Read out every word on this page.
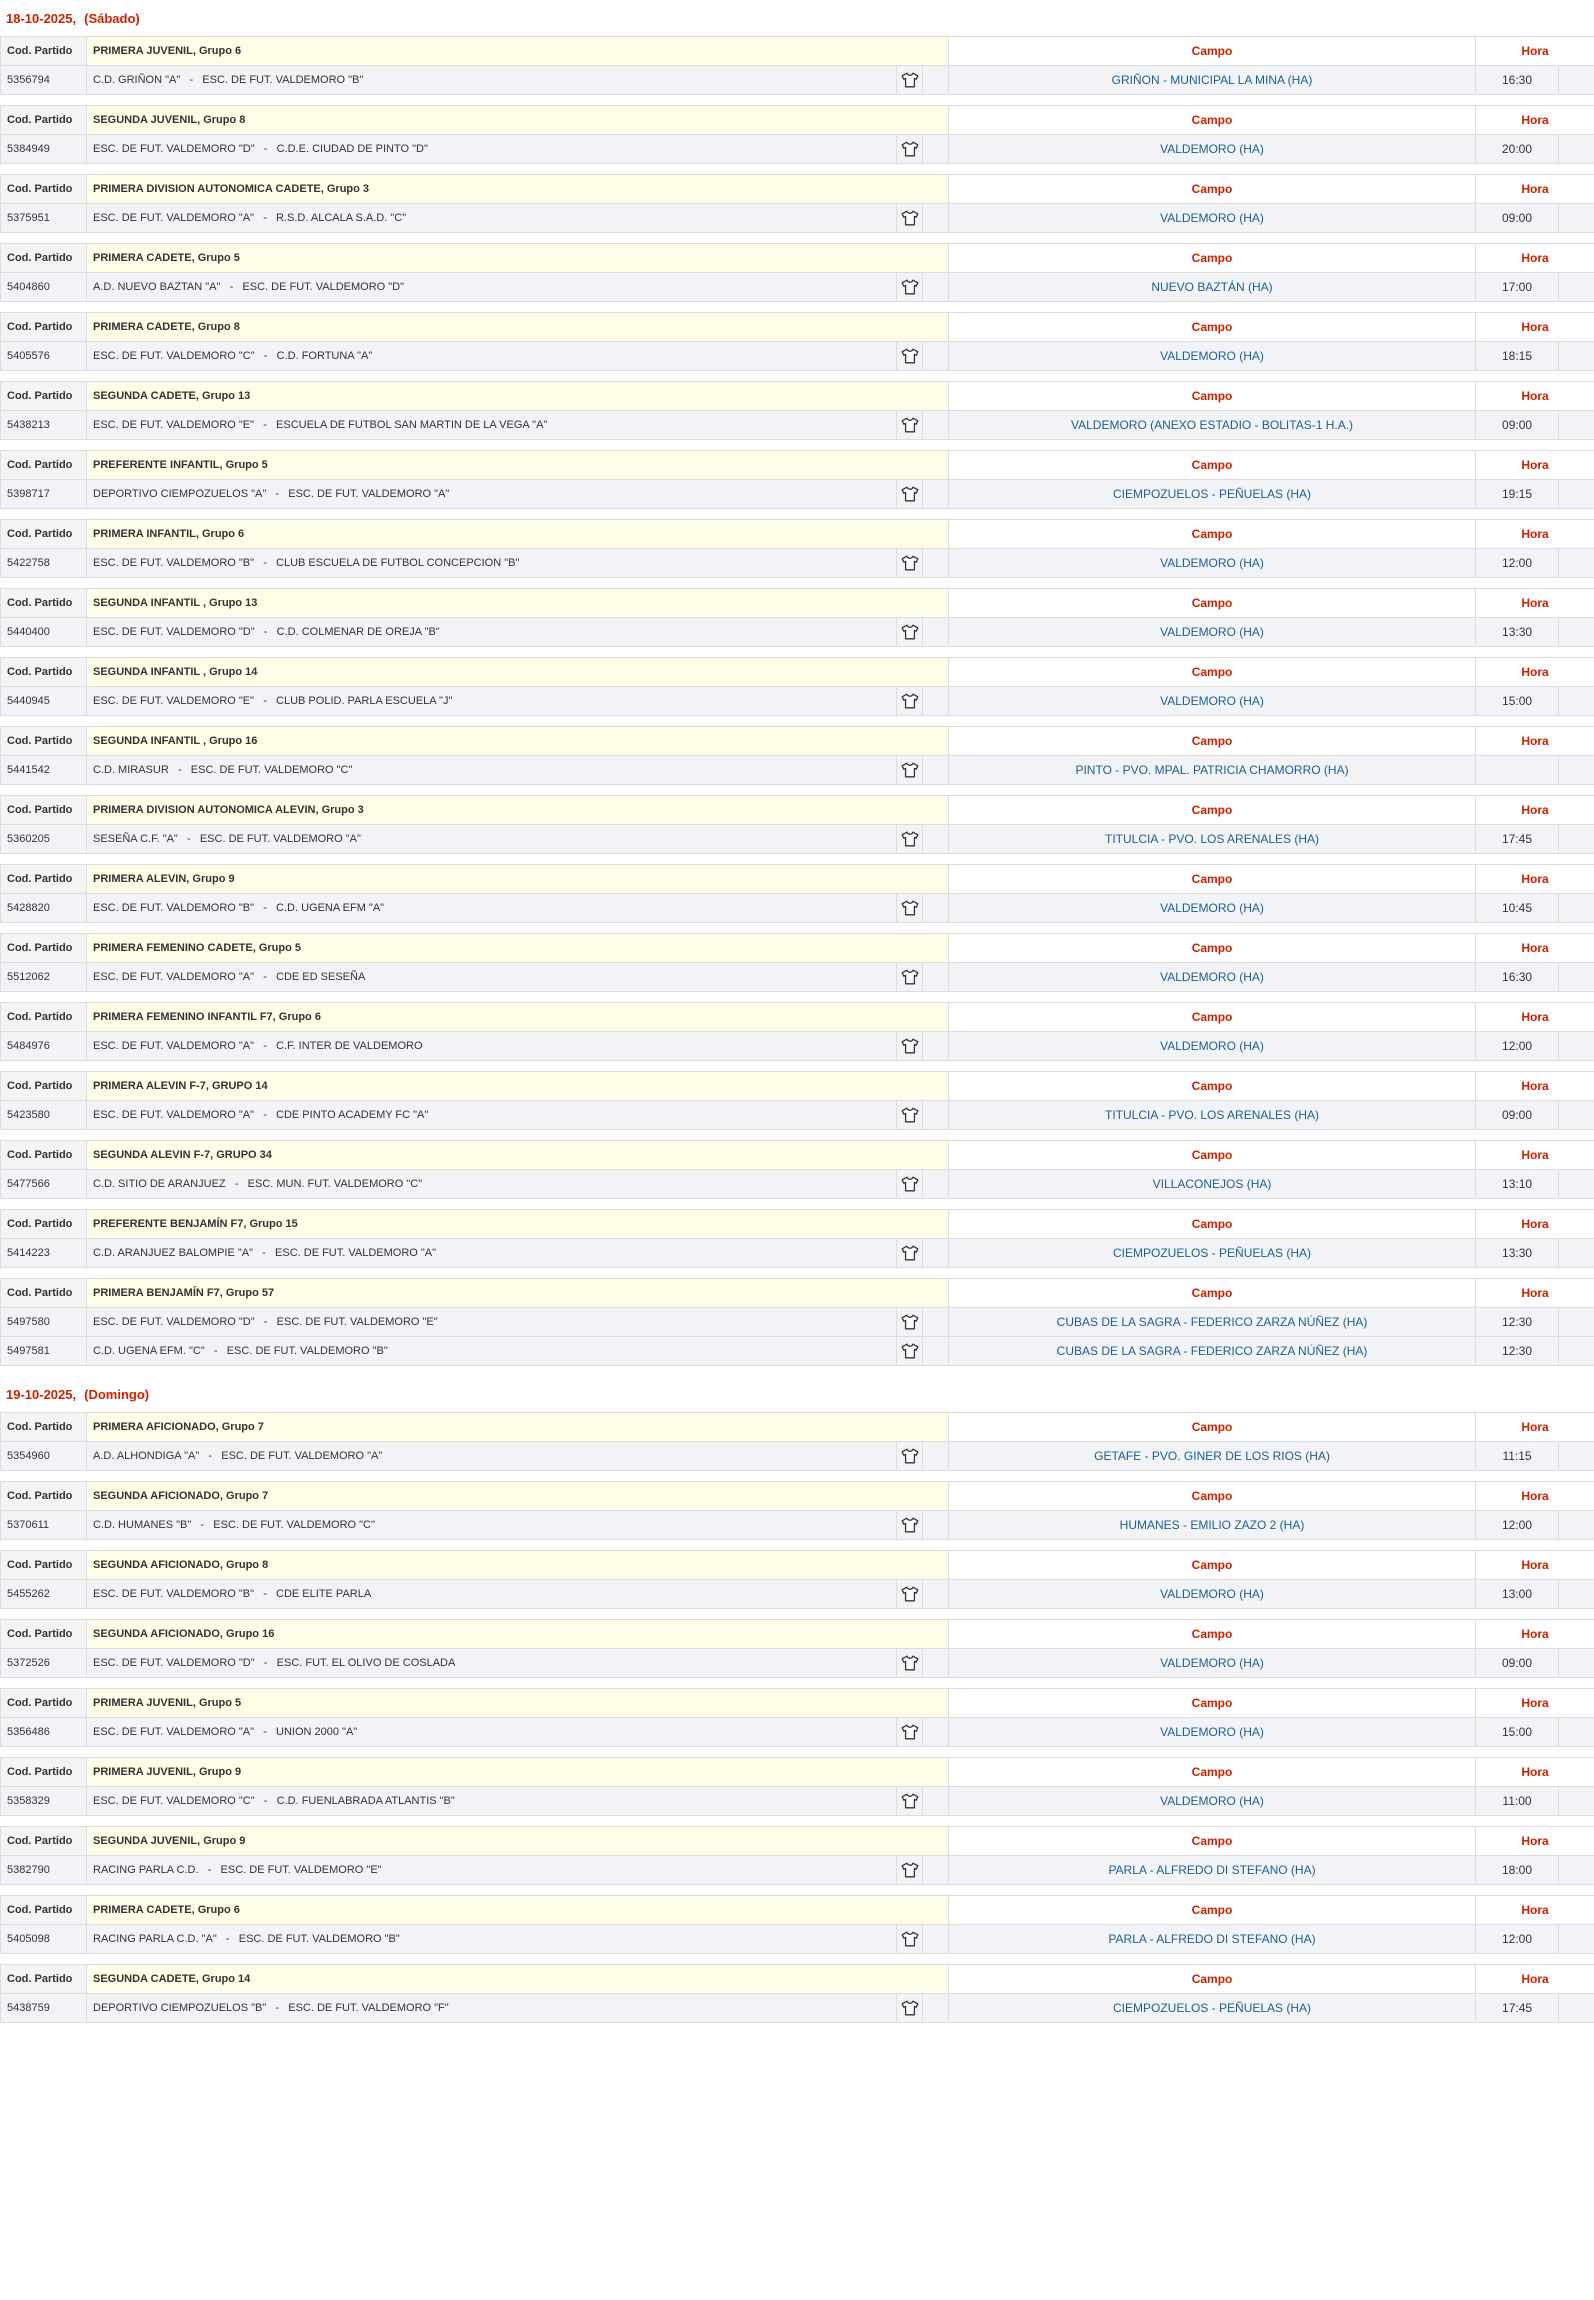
18-10-2025, (Sábado)
Cod. Partido	PRIMERA JUVENIL, Grupo 6			Campo	Hora	
5356794	C.D. GRIÑON "A" - ESC. DE FUT. VALDEMORO "B"			GRIÑON - MUNICIPAL LA MINA (HA)	16:30	
Cod. Partido	SEGUNDA JUVENIL, Grupo 8			Campo	Hora	
5384949	ESC. DE FUT. VALDEMORO "D" - C.D.E. CIUDAD DE PINTO "D"			VALDEMORO (HA)	20:00	
Cod. Partido	PRIMERA DIVISION AUTONOMICA CADETE, Grupo 3			Campo	Hora	
5375951	ESC. DE FUT. VALDEMORO "A" - R.S.D. ALCALA S.A.D. "C"			VALDEMORO (HA)	09:00	
Cod. Partido	PRIMERA CADETE, Grupo 5			Campo	Hora	
5404860	A.D. NUEVO BAZTAN "A" - ESC. DE FUT. VALDEMORO "D"			NUEVO BAZTÁN (HA)	17:00	
Cod. Partido	PRIMERA CADETE, Grupo 8			Campo	Hora	
5405576	ESC. DE FUT. VALDEMORO "C" - C.D. FORTUNA "A"			VALDEMORO (HA)	18:15	
Cod. Partido	SEGUNDA CADETE, Grupo 13			Campo	Hora	
5438213	ESC. DE FUT. VALDEMORO "E" - ESCUELA DE FUTBOL SAN MARTIN DE LA VEGA "A"			VALDEMORO (ANEXO ESTADIO - BOLITAS-1 H.A.)	09:00	
Cod. Partido	PREFERENTE INFANTIL, Grupo 5			Campo	Hora	
5398717	DEPORTIVO CIEMPOZUELOS "A" - ESC. DE FUT. VALDEMORO "A"			CIEMPOZUELOS - PEÑUELAS (HA)	19:15	
Cod. Partido	PRIMERA INFANTIL, Grupo 6			Campo	Hora	
5422758	ESC. DE FUT. VALDEMORO "B" - CLUB ESCUELA DE FUTBOL CONCEPCION "B"			VALDEMORO (HA)	12:00	
Cod. Partido	SEGUNDA INFANTIL , Grupo 13			Campo	Hora	
5440400	ESC. DE FUT. VALDEMORO "D" - C.D. COLMENAR DE OREJA "B"			VALDEMORO (HA)	13:30	
Cod. Partido	SEGUNDA INFANTIL , Grupo 14			Campo	Hora	
5440945	ESC. DE FUT. VALDEMORO "E" - CLUB POLID. PARLA ESCUELA "J"			VALDEMORO (HA)	15:00	
Cod. Partido	SEGUNDA INFANTIL , Grupo 16			Campo	Hora	
5441542	C.D. MIRASUR - ESC. DE FUT. VALDEMORO "C"			PINTO - PVO. MPAL. PATRICIA CHAMORRO (HA)		
Cod. Partido	PRIMERA DIVISION AUTONOMICA ALEVIN, Grupo 3			Campo	Hora	
5360205	SESEÑA C.F. "A" - ESC. DE FUT. VALDEMORO "A"			TITULCIA - PVO. LOS ARENALES (HA)	17:45	
Cod. Partido	PRIMERA ALEVIN, Grupo 9			Campo	Hora	
5428820	ESC. DE FUT. VALDEMORO "B" - C.D. UGENA EFM "A"			VALDEMORO (HA)	10:45	
Cod. Partido	PRIMERA FEMENINO CADETE, Grupo 5			Campo	Hora	
5512062	ESC. DE FUT. VALDEMORO "A" - CDE ED SESEÑA			VALDEMORO (HA)	16:30	
Cod. Partido	PRIMERA FEMENINO INFANTIL F7, Grupo 6			Campo	Hora	
5484976	ESC. DE FUT. VALDEMORO "A" - C.F. INTER DE VALDEMORO			VALDEMORO (HA)	12:00	
Cod. Partido	PRIMERA ALEVIN F-7, GRUPO 14			Campo	Hora	
5423580	ESC. DE FUT. VALDEMORO "A" - CDE PINTO ACADEMY FC "A"			TITULCIA - PVO. LOS ARENALES (HA)	09:00	
Cod. Partido	SEGUNDA ALEVIN F-7, GRUPO 34			Campo	Hora	
5477566	C.D. SITIO DE ARANJUEZ - ESC. MUN. FUT. VALDEMORO "C"			VILLACONEJOS (HA)	13:10	
Cod. Partido	PREFERENTE BENJAMÍN F7, Grupo 15			Campo	Hora	
5414223	C.D. ARANJUEZ BALOMPIE "A" - ESC. DE FUT. VALDEMORO "A"			CIEMPOZUELOS - PEÑUELAS (HA)	13:30	
Cod. Partido	PRIMERA BENJAMÍN F7, Grupo 57			Campo	Hora	
5497580	ESC. DE FUT. VALDEMORO "D" - ESC. DE FUT. VALDEMORO "E"			CUBAS DE LA SAGRA - FEDERICO ZARZA NÚÑEZ (HA)	12:30	
5497581	C.D. UGENA EFM. "C" - ESC. DE FUT. VALDEMORO "B"			CUBAS DE LA SAGRA - FEDERICO ZARZA NÚÑEZ (HA)	12:30	
19-10-2025, (Domingo)
Cod. Partido	PRIMERA AFICIONADO, Grupo 7			Campo	Hora	
5354960	A.D. ALHONDIGA "A" - ESC. DE FUT. VALDEMORO "A"			GETAFE - PVO. GINER DE LOS RIOS (HA)	11:15	
Cod. Partido	SEGUNDA AFICIONADO, Grupo 7			Campo	Hora	
5370611	C.D. HUMANES "B" - ESC. DE FUT. VALDEMORO "C"			HUMANES - EMILIO ZAZO 2 (HA)	12:00	
Cod. Partido	SEGUNDA AFICIONADO, Grupo 8			Campo	Hora	
5455262	ESC. DE FUT. VALDEMORO "B" - CDE ELITE PARLA			VALDEMORO (HA)	13:00	
Cod. Partido	SEGUNDA AFICIONADO, Grupo 16			Campo	Hora	
5372526	ESC. DE FUT. VALDEMORO "D" - ESC. FUT. EL OLIVO DE COSLADA			VALDEMORO (HA)	09:00	
Cod. Partido	PRIMERA JUVENIL, Grupo 5			Campo	Hora	
5356486	ESC. DE FUT. VALDEMORO "A" - UNION 2000 "A"			VALDEMORO (HA)	15:00	
Cod. Partido	PRIMERA JUVENIL, Grupo 9			Campo	Hora	
5358329	ESC. DE FUT. VALDEMORO "C" - C.D. FUENLABRADA ATLANTIS "B"			VALDEMORO (HA)	11:00	
Cod. Partido	SEGUNDA JUVENIL, Grupo 9			Campo	Hora	
5382790	RACING PARLA C.D. - ESC. DE FUT. VALDEMORO "E"			PARLA - ALFREDO DI STEFANO (HA)	18:00	
Cod. Partido	PRIMERA CADETE, Grupo 6			Campo	Hora	
5405098	RACING PARLA C.D. "A" - ESC. DE FUT. VALDEMORO "B"			PARLA - ALFREDO DI STEFANO (HA)	12:00	
Cod. Partido	SEGUNDA CADETE, Grupo 14			Campo	Hora	
5438759	DEPORTIVO CIEMPOZUELOS "B" - ESC. DE FUT. VALDEMORO "F"			CIEMPOZUELOS - PEÑUELAS (HA)	17:45	
